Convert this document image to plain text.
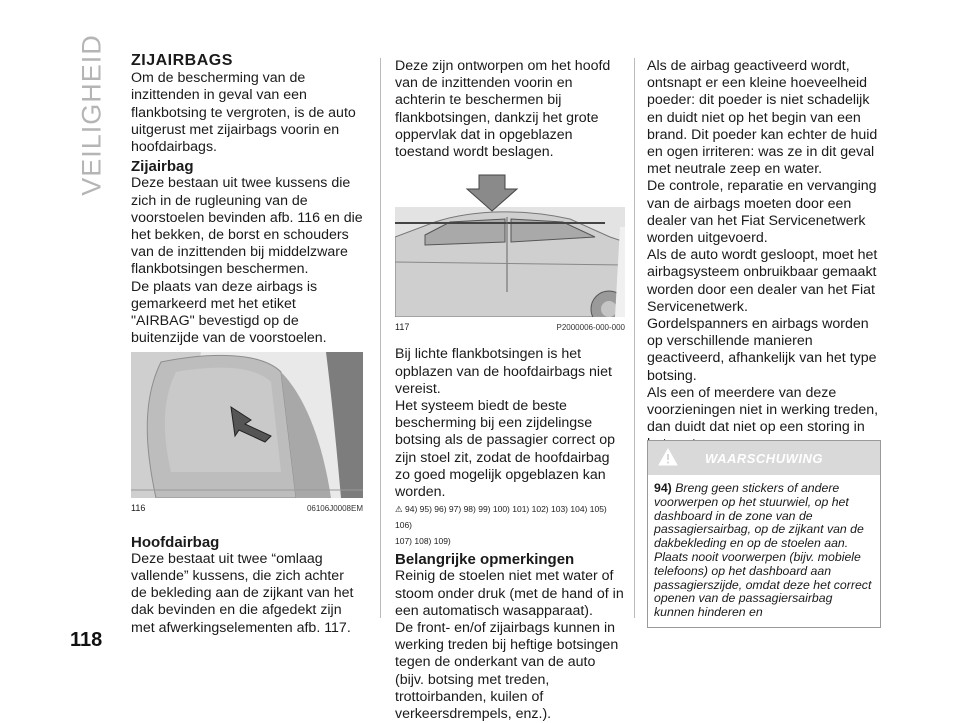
VEILIGHEID ZIJAIRBAGS

Om de bescherming van de inzittenden in geval van een flankbotsing te vergroten, is de auto uitgerust met zijairbags voorin en hoofdairbags.

Zijairbag

Deze bestaan uit twee kussens die zich in de rugleuning van de voorstoelen bevinden afb. 116 en die het bekken, de borst en schouders van de inzittenden bij middelzware flankbotsingen beschermen.

De plaats van deze airbags is gemarkeerd met het etiket "AIRBAG" bevestigd op de buitenzijde van de voorstoelen.

116	06106J0008EM
Hoofdairbag

Deze bestaat uit twee “omlaag vallende” kussens, die zich achter de bekleding aan de zijkant van het dak bevinden en die afgedekt zijn met afwerkingselementen afb. 117.

Deze zijn ontworpen om het hoofd van de inzittenden voorin en achterin te beschermen bij flankbotsingen, dankzij het grote oppervlak dat in opgeblazen toestand wordt beslagen.

117	P2000006-000-000

Bij lichte flankbotsingen is het opblazen van de hoofdairbags niet vereist.

Het systeem biedt de beste bescherming bij een zijdelingse botsing als de passagier correct op zijn stoel zit, zodat de hoofdairbag zo goed mogelijk opgeblazen kan worden.

⚠ 94) 95) 96) 97) 98) 99) 100) 101) 102) 103) 104) 105) 106)
107) 108) 109)
Belangrijke opmerkingen

Reinig de stoelen niet met water of stoom onder druk (met de hand of in een automatisch wasapparaat).

De front- en/of zijairbags kunnen in werking treden bij heftige botsingen tegen de onderkant van de auto (bijv. botsing met treden, trottoirbanden, kuilen of verkeersdrempels, enz.).

Als de airbag geactiveerd wordt, ontsnapt er een kleine hoeveelheid poeder: dit poeder is niet schadelijk en duidt niet op het begin van een brand. Dit poeder kan echter de huid en ogen irriteren: was ze in dit geval met neutrale zeep en water.

De controle, reparatie en vervanging van de airbags moeten door een dealer van het Fiat Servicenetwerk worden uitgevoerd.

Als de auto wordt gesloopt, moet het airbagsysteem onbruikbaar gemaakt worden door een dealer van het Fiat Servicenetwerk.

Gordelspanners en airbags worden op verschillende manieren geactiveerd, afhankelijk van het type botsing.

Als een of meerdere van deze voorzieningen niet in werking treden, dan duidt dat niet op een storing in

WAARSCHUWING
94) Breng geen stickers of andere voorwerpen op het stuurwiel, op het dashboard in de zone van de passagiersairbag, op de zijkant van de dakbekleding en op de stoelen aan. Plaats nooit voorwerpen (bijv. mobiele telefoons) op het dashboard aan passagierszijde, omdat deze het correct openen van de passagiersairbag kunnen hinderen en
118
